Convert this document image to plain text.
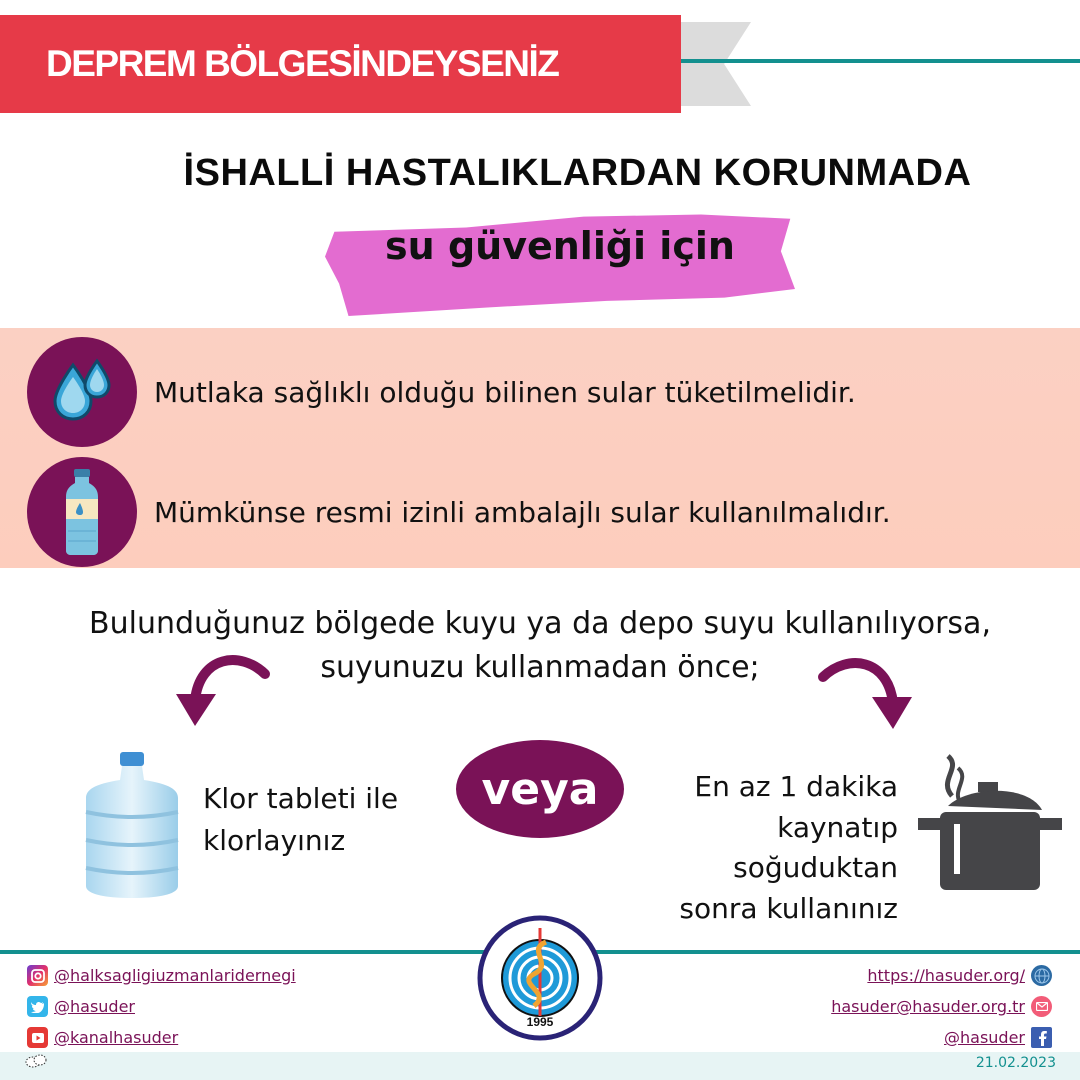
DEPREM BÖLGESİNDEYSENİZ
İSHALLİ HASTALIKLARDAN KORUNMADA
su güvenliği için
Mutlaka sağlıklı olduğu bilinen sular tüketilmelidir.
Mümkünse resmi izinli ambalajlı sular kullanılmalıdır.
Bulunduğunuz bölgede kuyu ya da depo suyu kullanılıyorsa,
suyunuzu kullanmadan önce;
Klor tableti ile
klorlayınız
veya	En az 1 dakika
kaynatıp
soğuduktan
sonra kullanınız
@halksagligiuzmanlaridernegi
@hasuder
@kanalhasuder
https://hasuder.org/
hasuder@hasuder.org.tr
@hasuder
1995
21.02.2023
